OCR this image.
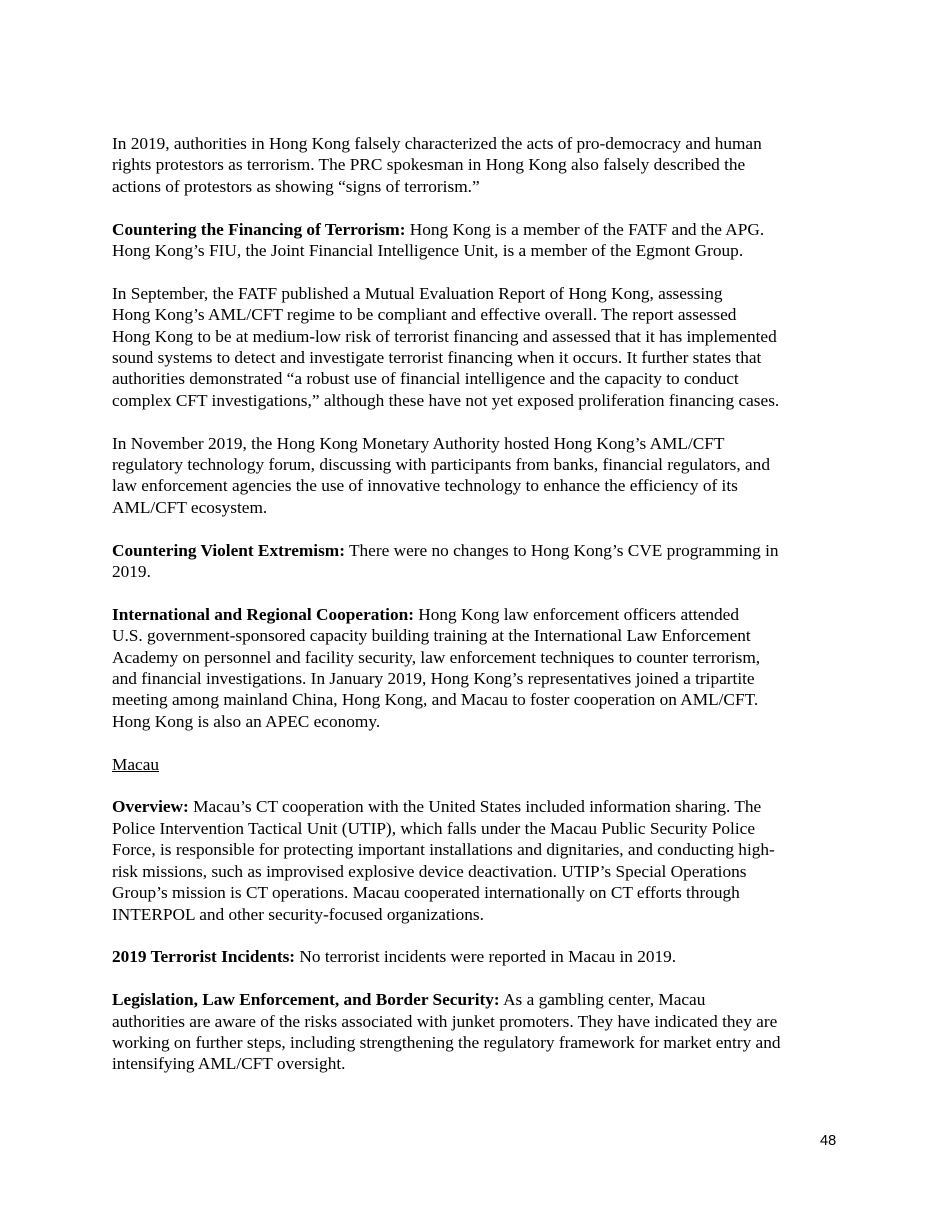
In 2019, authorities in Hong Kong falsely characterized the acts of pro-democracy and human
rights protestors as terrorism. The PRC spokesman in Hong Kong also falsely described the
actions of protestors as showing “signs of terrorism.”

Countering the Financing of Terrorism: Hong Kong is a member of the FATF and the APG.
Hong Kong’s FIU, the Joint Financial Intelligence Unit, is a member of the Egmont Group.

In September, the FATF published a Mutual Evaluation Report of Hong Kong, assessing
Hong Kong’s AML/CFT regime to be compliant and effective overall. The report assessed
Hong Kong to be at medium-low risk of terrorist financing and assessed that it has implemented
sound systems to detect and investigate terrorist financing when it occurs. It further states that
authorities demonstrated “a robust use of financial intelligence and the capacity to conduct
complex CFT investigations,” although these have not yet exposed proliferation financing cases.

In November 2019, the Hong Kong Monetary Authority hosted Hong Kong’s AML/CFT
regulatory technology forum, discussing with participants from banks, financial regulators, and
law enforcement agencies the use of innovative technology to enhance the efficiency of its
AML/CFT ecosystem.

Countering Violent Extremism: There were no changes to Hong Kong’s CVE programming in
2019.

International and Regional Cooperation: Hong Kong law enforcement officers attended
U.S. government-sponsored capacity building training at the International Law Enforcement
Academy on personnel and facility security, law enforcement techniques to counter terrorism,
and financial investigations. In January 2019, Hong Kong’s representatives joined a tripartite
meeting among mainland China, Hong Kong, and Macau to foster cooperation on AML/CFT.
Hong Kong is also an APEC economy.

Macau

Overview: Macau’s CT cooperation with the United States included information sharing. The
Police Intervention Tactical Unit (UTIP), which falls under the Macau Public Security Police
Force, is responsible for protecting important installations and dignitaries, and conducting high-
risk missions, such as improvised explosive device deactivation. UTIP’s Special Operations
Group’s mission is CT operations. Macau cooperated internationally on CT efforts through
INTERPOL and other security-focused organizations.

2019 Terrorist Incidents: No terrorist incidents were reported in Macau in 2019.

Legislation, Law Enforcement, and Border Security: As a gambling center, Macau
authorities are aware of the risks associated with junket promoters. They have indicated they are
working on further steps, including strengthening the regulatory framework for market entry and
intensifying AML/CFT oversight.

48
